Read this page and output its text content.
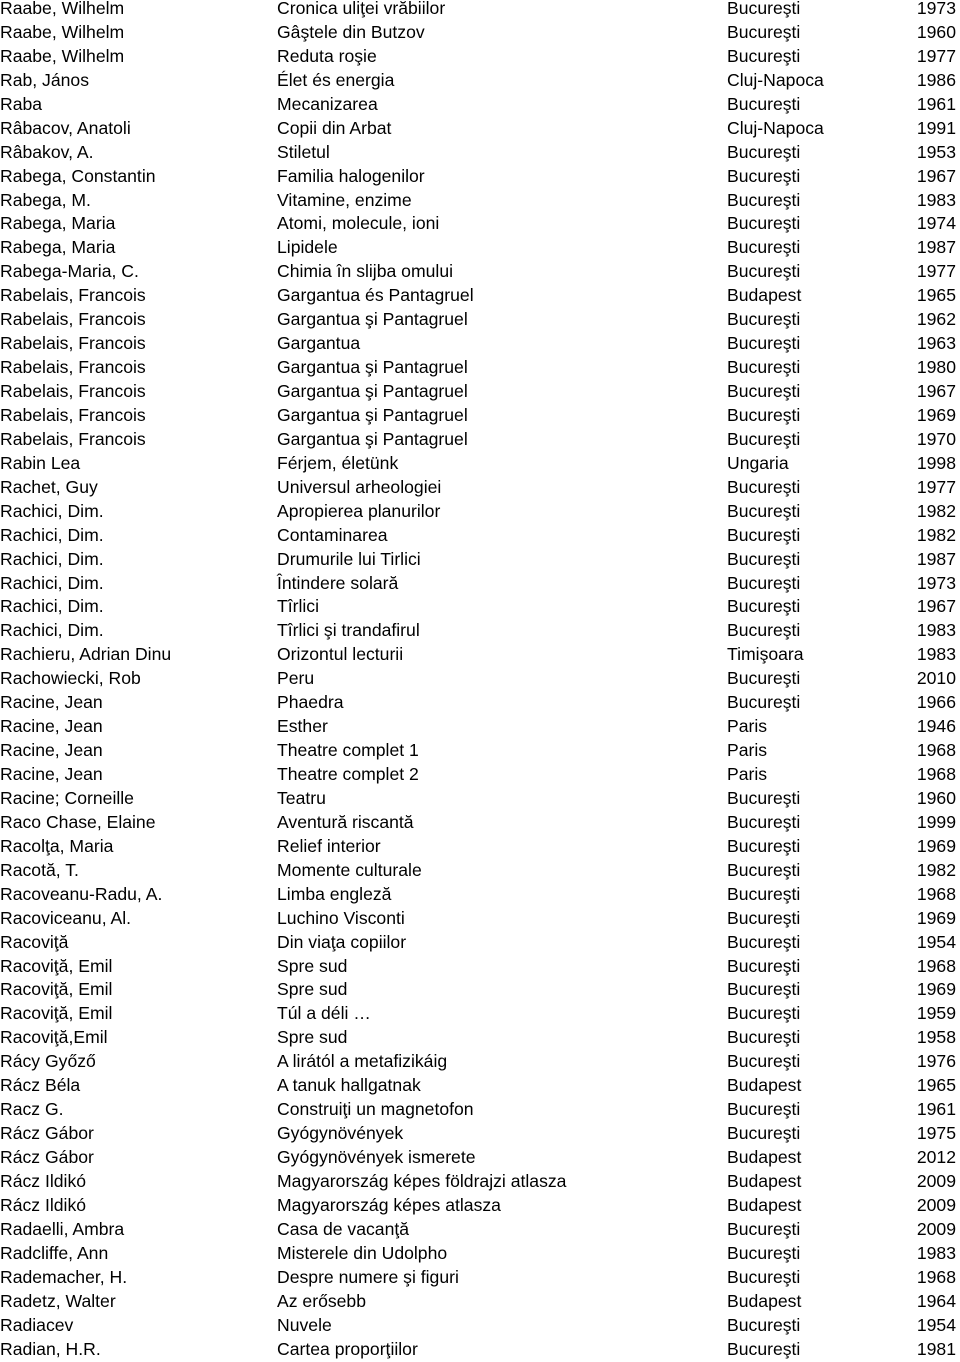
Raabe, Wilhelm	Cronica uliţei vrăbiilor	Bucureşti	1973
Raabe, Wilhelm	Gâştele din Butzov	Bucureşti	1960
Raabe, Wilhelm	Reduta roşie	Bucureşti	1977
Rab, János	Élet és energia	Cluj-Napoca	1986
Raba	Mecanizarea	Bucureşti	1961
Râbacov, Anatoli	Copii din Arbat	Cluj-Napoca	1991
Râbakov, A.	Stiletul	Bucureşti	1953
Rabega, Constantin	Familia halogenilor	Bucureşti	1967
Rabega, M.	Vitamine, enzime	Bucureşti	1983
Rabega, Maria	Atomi, molecule, ioni	Bucureşti	1974
Rabega, Maria	Lipidele	Bucureşti	1987
Rabega-Maria, C.	Chimia în slijba omului	Bucureşti	1977
Rabelais, Francois	Gargantua és Pantagruel	Budapest	1965
Rabelais, Francois	Gargantua şi Pantagruel	Bucureşti	1962
Rabelais, Francois	Gargantua	Bucureşti	1963
Rabelais, Francois	Gargantua şi Pantagruel	Bucureşti	1980
Rabelais, Francois	Gargantua şi Pantagruel	Bucureşti	1967
Rabelais, Francois	Gargantua şi Pantagruel	Bucureşti	1969
Rabelais, Francois	Gargantua şi Pantagruel	Bucureşti	1970
Rabin Lea	Férjem, életünk	Ungaria	1998
Rachet, Guy	Universul arheologiei	Bucureşti	1977
Rachici, Dim.	Apropierea planurilor	Bucureşti	1982
Rachici, Dim.	Contaminarea	Bucureşti	1982
Rachici, Dim.	Drumurile lui Tirlici	Bucureşti	1987
Rachici, Dim.	Întindere solară	Bucureşti	1973
Rachici, Dim.	Tîrlici	Bucureşti	1967
Rachici, Dim.	Tîrlici şi trandafirul	Bucureşti	1983
Rachieru, Adrian Dinu	Orizontul lecturii	Timişoara	1983
Rachowiecki, Rob	Peru	Bucureşti	2010
Racine, Jean	Phaedra	Bucureşti	1966
Racine, Jean	Esther	Paris	1946
Racine, Jean	Theatre complet 1	Paris	1968
Racine, Jean	Theatre complet 2	Paris	1968
Racine; Corneille	Teatru	Bucureşti	1960
Raco Chase, Elaine	Aventură riscantă	Bucureşti	1999
Racolţa, Maria	Relief interior	Bucureşti	1969
Racotă, T.	Momente culturale	Bucureşti	1982
Racoveanu-Radu, A.	Limba engleză	Bucureşti	1968
Racoviceanu, Al.	Luchino Visconti	Bucureşti	1969
Racoviţă	Din viaţa copiilor	Bucureşti	1954
Racoviţă, Emil	Spre sud	Bucureşti	1968
Racoviţă, Emil	Spre sud	Bucureşti	1969
Racoviţă, Emil	Túl a déli …	Bucureşti	1959
Racoviţă,Emil	Spre sud	Bucureşti	1958
Rácy Győző	A lirától a metafizikáig	Bucureşti	1976
Rácz Béla	A tanuk hallgatnak	Budapest	1965
Racz G.	Construiţi un magnetofon	Bucureşti	1961
Rácz Gábor	Gyógynövények	Bucureşti	1975
Rácz Gábor	Gyógynövények ismerete	Budapest	2012
Rácz Ildikó	Magyarország képes földrajzi atlasza	Budapest	2009
Rácz Ildikó	Magyarország képes atlasza	Budapest	2009
Radaelli, Ambra	Casa de vacanţă	Bucureşti	2009
Radcliffe, Ann	Misterele din Udolpho	Bucureşti	1983
Rademacher, H.	Despre numere şi figuri	Bucureşti	1968
Radetz, Walter	Az erősebb	Budapest	1964
Radiacev	Nuvele	Bucureşti	1954
Radian, H.R.	Cartea proporţiilor	Bucureşti	1981
